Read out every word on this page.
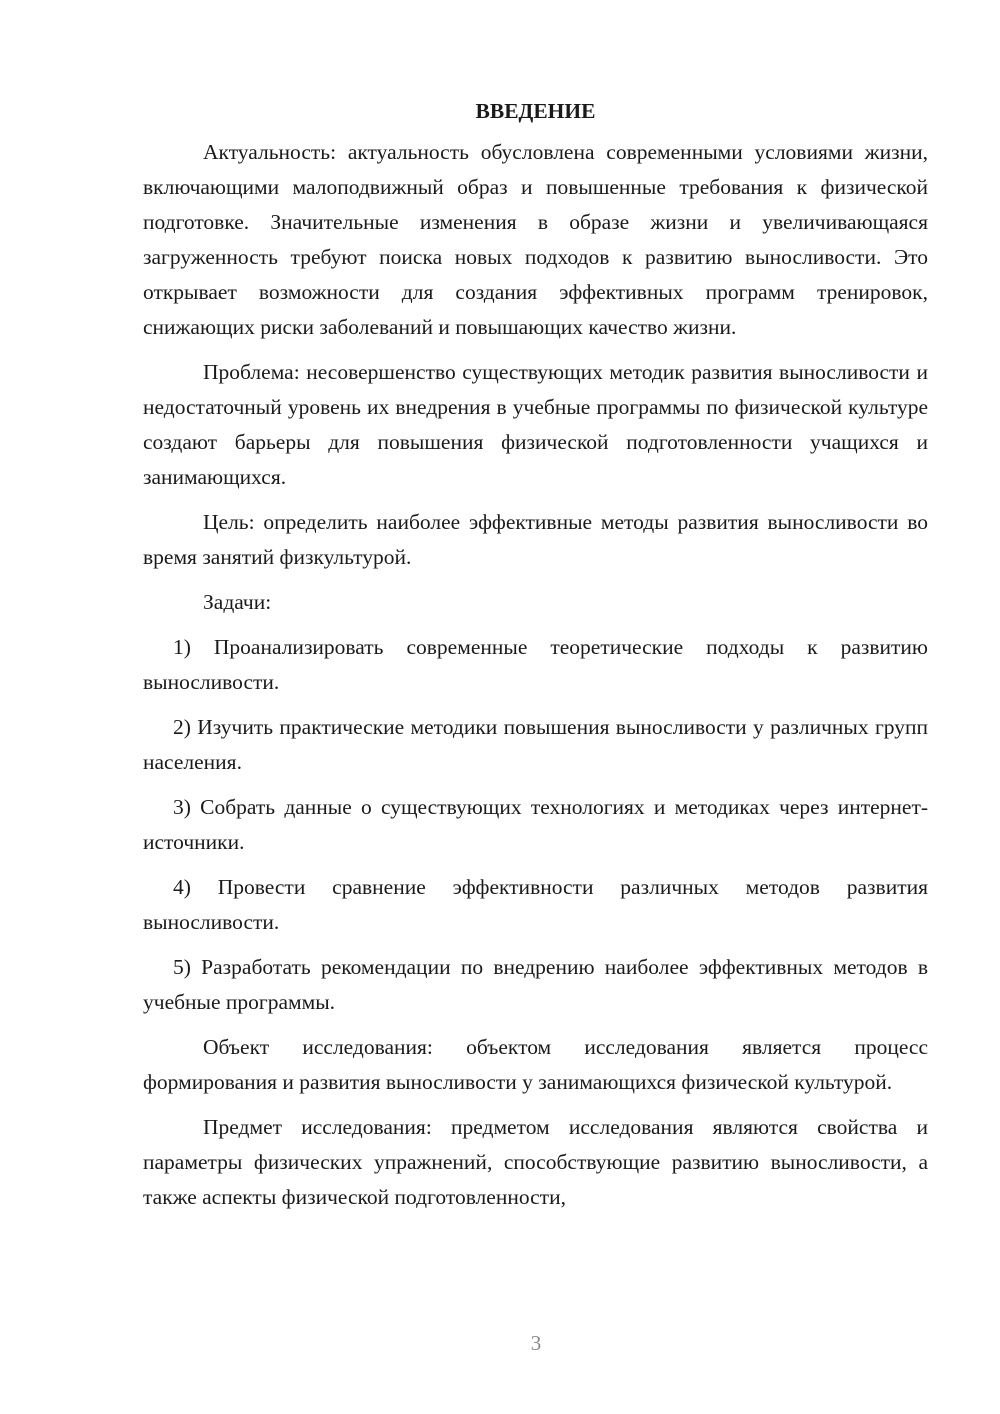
ВВЕДЕНИЕ

Актуальность: актуальность обусловлена современными условиями жизни, включающими малоподвижный образ и повышенные требования к физической подготовке. Значительные изменения в образе жизни и увеличивающаяся загруженность требуют поиска новых подходов к развитию выносливости. Это открывает возможности для создания эффективных программ тренировок, снижающих риски заболеваний и повышающих качество жизни.

Проблема: несовершенство существующих методик развития выносливости и недостаточный уровень их внедрения в учебные программы по физической культуре создают барьеры для повышения физической подготовленности учащихся и занимающихся.

Цель: определить наиболее эффективные методы развития выносливости во время занятий физкультурой.

Задачи:

1) Проанализировать современные теоретические подходы к развитию выносливости.

2) Изучить практические методики повышения выносливости у различных групп населения.

3) Собрать данные о существующих технологиях и методиках через интернет-источники.

4) Провести сравнение эффективности различных методов развития выносливости.

5) Разработать рекомендации по внедрению наиболее эффективных методов в учебные программы.

Объект исследования: объектом исследования является процесс формирования и развития выносливости у занимающихся физической культурой.

Предмет исследования: предметом исследования являются свойства и параметры физических упражнений, способствующие развитию выносливости, а также аспекты физической подготовленности,

3
